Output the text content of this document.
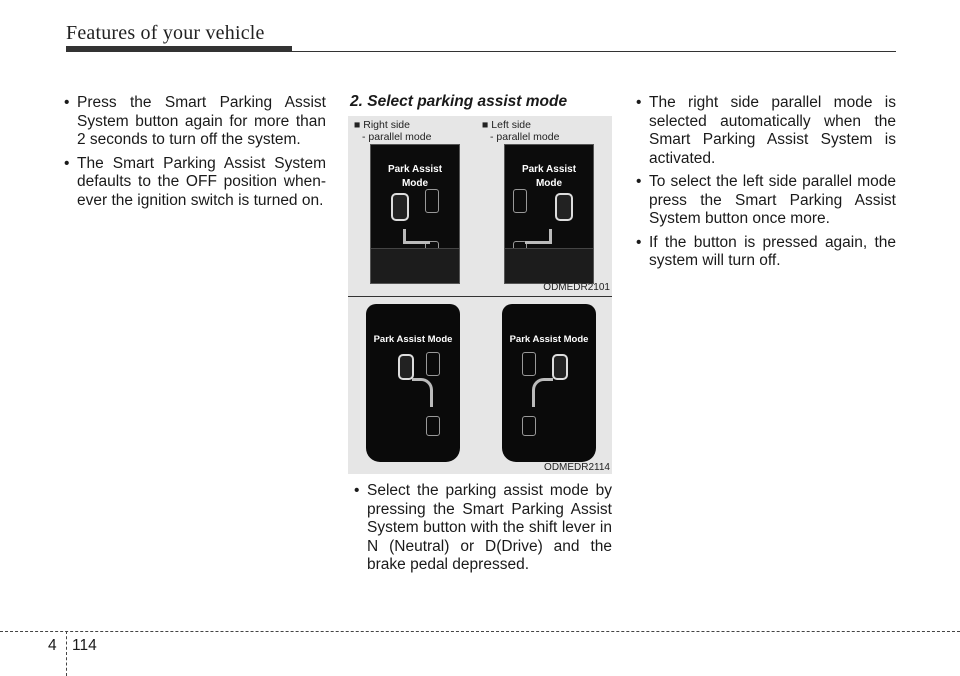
Features of your vehicle
• Press the Smart Parking Assist System button again for more than 2 seconds to turn off the system.
• The Smart Parking Assist System defaults to the OFF position when-ever the ignition switch is turned on.
2. Select parking assist mode
■ Right side
- parallel mode
■ Left side
- parallel mode
Park Assist Mode
Park Assist Mode
ODMEDR2101
Park Assist Mode	Park Assist Mode
ODMEDR2114
• Select the parking assist mode by pressing the Smart Parking Assist System button with the shift lever in N (Neutral) or D(Drive) and the brake pedal depressed.
• The right side parallel mode is selected automatically when the Smart Parking Assist System is activated.
• To select the left side parallel mode press the Smart Parking Assist System button once more.
• If the button is pressed again, the system will turn off.
4 114
